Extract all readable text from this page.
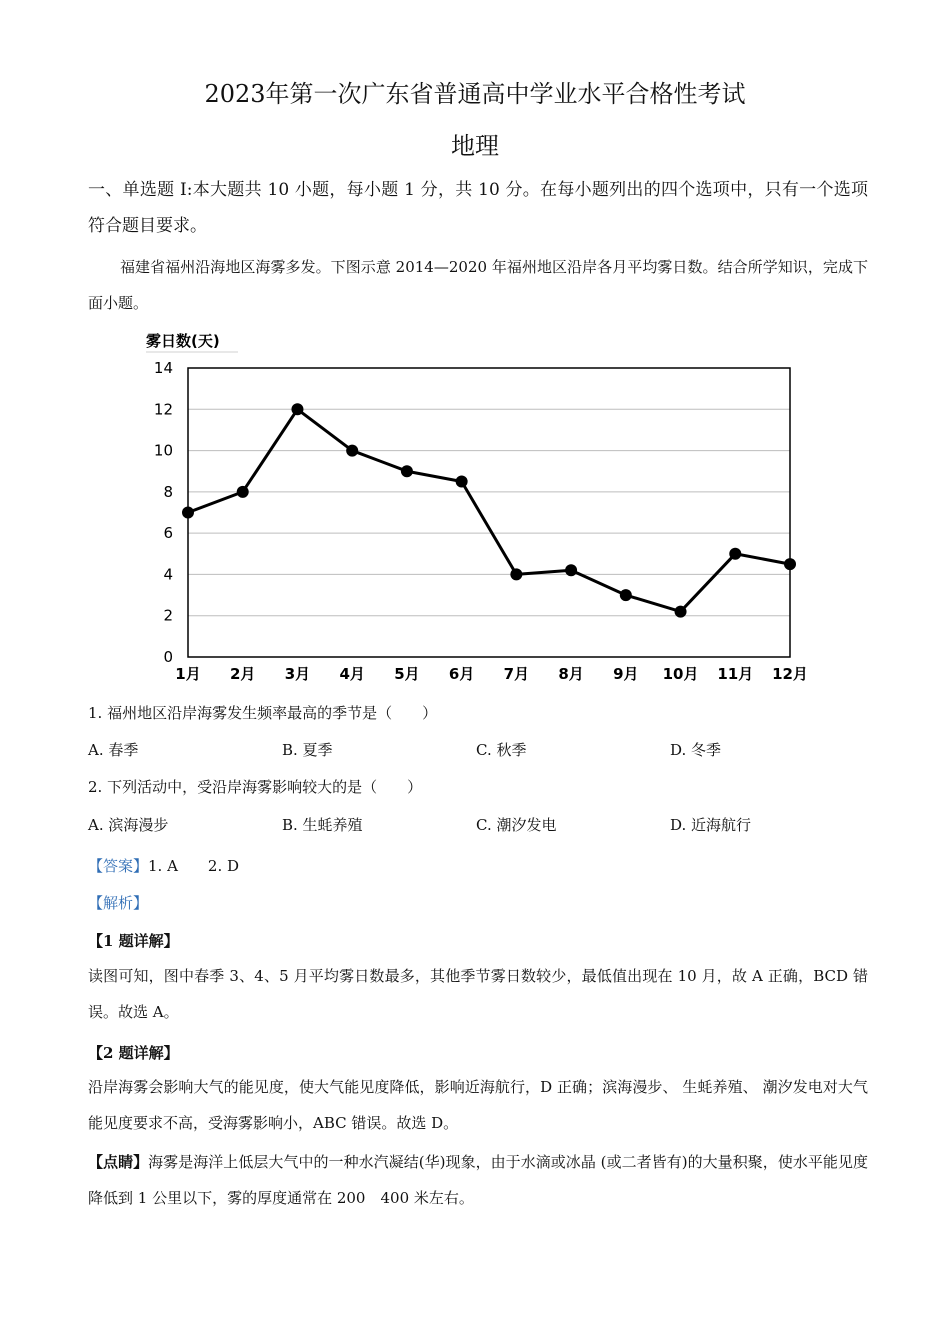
2023年第一次广东省普通高中学业水平合格性考试
地理
一、单选题 I:本大题共 10 小题，每小题 1 分，共 10 分。在每小题列出的四个选项中，只有一个选项符合题目要求。
福建省福州沿海地区海雾多发。下图示意 2014—2020 年福州地区沿岸各月平均雾日数。结合所学知识，完成下面小题。
雾日数(天)
0
2
4
6
8
10
12
14
1月 2月 3月 4月 5月 6月 7月 8月 9月 10月 11月 12月
1. 福州地区沿岸海雾发生频率最高的季节是（　　）
A. 春季	B. 夏季	C. 秋季	D. 冬季
2. 下列活动中，受沿岸海雾影响较大的是（　　）
A. 滨海漫步	B. 生蚝养殖	C. 潮汐发电	D. 近海航行
【答案】1. A　　2. D
【解析】
【1 题详解】
读图可知，图中春季 3、4、5 月平均雾日数最多，其他季节雾日数较少，最低值出现在 10 月，故 A 正确，BCD 错误。故选 A。
【2 题详解】
沿岸海雾会影响大气的能见度，使大气能见度降低，影响近海航行，D 正确；滨海漫步、 生蚝养殖、 潮汐发电对大气能见度要求不高，受海雾影响小，ABC 错误。故选 D。
【点睛】海雾是海洋上低层大气中的一种水汽凝结(华)现象，由于水滴或冰晶 (或二者皆有)的大量积聚，使水平能见度降低到 1 公里以下，雾的厚度通常在 200　400 米左右。
